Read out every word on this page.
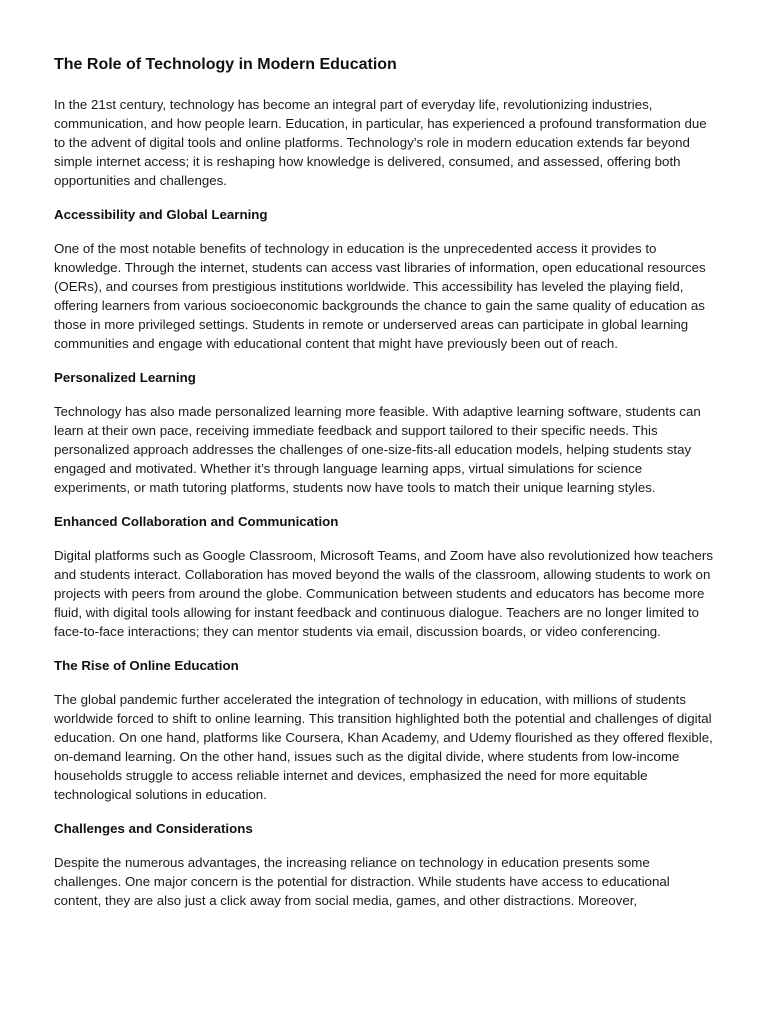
The Role of Technology in Modern Education

In the 21st century, technology has become an integral part of everyday life, revolutionizing industries, communication, and how people learn. Education, in particular, has experienced a profound transformation due to the advent of digital tools and online platforms. Technology’s role in modern education extends far beyond simple internet access; it is reshaping how knowledge is delivered, consumed, and assessed, offering both opportunities and challenges.

Accessibility and Global Learning

One of the most notable benefits of technology in education is the unprecedented access it provides to knowledge. Through the internet, students can access vast libraries of information, open educational resources (OERs), and courses from prestigious institutions worldwide. This accessibility has leveled the playing field, offering learners from various socioeconomic backgrounds the chance to gain the same quality of education as those in more privileged settings. Students in remote or underserved areas can participate in global learning communities and engage with educational content that might have previously been out of reach.

Personalized Learning

Technology has also made personalized learning more feasible. With adaptive learning software, students can learn at their own pace, receiving immediate feedback and support tailored to their specific needs. This personalized approach addresses the challenges of one-size-fits-all education models, helping students stay engaged and motivated. Whether it’s through language learning apps, virtual simulations for science experiments, or math tutoring platforms, students now have tools to match their unique learning styles.

Enhanced Collaboration and Communication

Digital platforms such as Google Classroom, Microsoft Teams, and Zoom have also revolutionized how teachers and students interact. Collaboration has moved beyond the walls of the classroom, allowing students to work on projects with peers from around the globe. Communication between students and educators has become more fluid, with digital tools allowing for instant feedback and continuous dialogue. Teachers are no longer limited to face-to-face interactions; they can mentor students via email, discussion boards, or video conferencing.

The Rise of Online Education

The global pandemic further accelerated the integration of technology in education, with millions of students worldwide forced to shift to online learning. This transition highlighted both the potential and challenges of digital education. On one hand, platforms like Coursera, Khan Academy, and Udemy flourished as they offered flexible, on-demand learning. On the other hand, issues such as the digital divide, where students from low-income households struggle to access reliable internet and devices, emphasized the need for more equitable technological solutions in education.

Challenges and Considerations

Despite the numerous advantages, the increasing reliance on technology in education presents some challenges. One major concern is the potential for distraction. While students have access to educational content, they are also just a click away from social media, games, and other distractions. Moreover,
